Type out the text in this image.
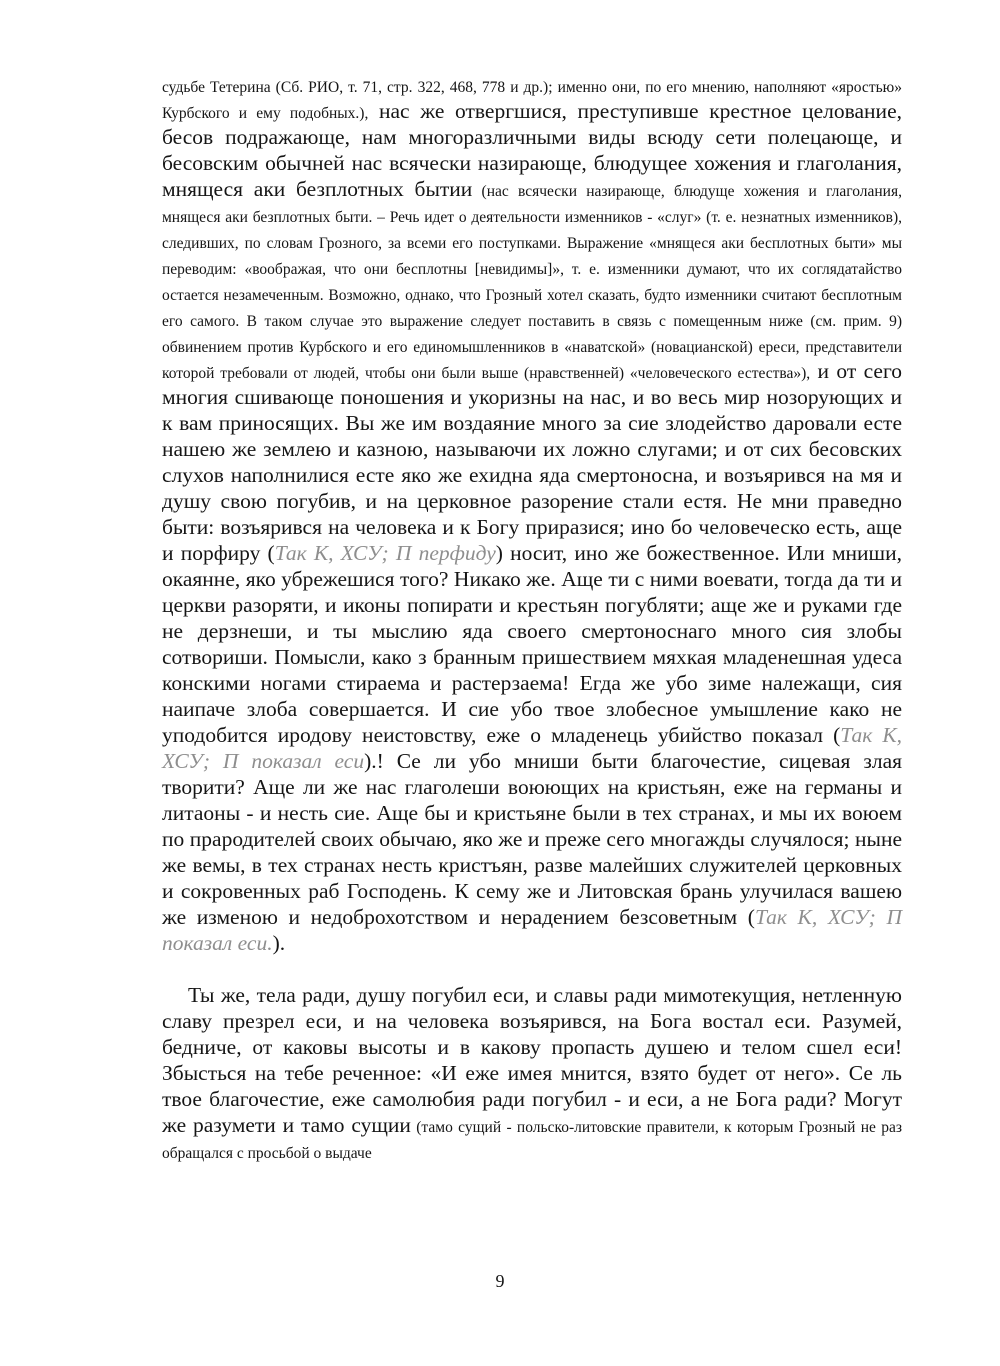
судьбе Тетерина (Сб. РИО, т. 71, стр. 322, 468, 778 и др.); именно они, по его мнению, наполняют «яростью» Курбского и ему подобных.), нас же отвергшися, преступивше крестное целование, бесов подражающе, нам многоразличными виды всюду сети полецающе, и бесовским обычней нас всячески назирающе, блюдущее хожения и глаголания, мнящеся аки безплотных бытии (нас всячески назирающе, блюдуще хожения и глаголания, мнящеся аки безплотных быти. – Речь идет о деятельности изменников - «слуг» (т. е. незнатных изменников), следивших, по словам Грозного, за всеми его поступками. Выражение «мнящеся аки бесплотных быти» мы переводим: «воображая, что они бесплотны [невидимы]», т. е. изменники думают, что их соглядатайство остается незамеченным. Возможно, однако, что Грозный хотел сказать, будто изменники считают бесплотным его самого. В таком случае это выражение следует поставить в связь с помещенным ниже (см. прим. 9) обвинением против Курбского и его единомышленников в «наватской» (новацианской) ереси, представители которой требовали от людей, чтобы они были выше (нравственней) «человеческого естества»), и от сего многия сшивающе поношения и укоризны на нас, и во весь мир нозорующих и к вам приносящих. Вы же им воздаяние много за сие злодейство даровали есте нашею же землею и казною, называючи их ложно слугами; и от сих бесовских слухов наполнилися есте яко же ехидна яда смертоносна, и возъярився на мя и душу свою погубив, и на церковное разорение стали естя. Не мни праведно быти: возъярився на человека и к Богу приразися; ино бо человеческо есть, аще и порфиру (Так К, ХСУ; П перфиду) носит, ино же божественное. Или мниши, окаянне, яко убрежешися того? Никако же. Аще ти с ними воевати, тогда да ти и церкви разоряти, и иконы попирати и крестьян погубляти; аще же и руками где не дерзнеши, и ты мыслию яда своего смертоноснаго много сия злобы сотвориши. Помысли, како з бранным пришествием мяхкая младенешная удеса конскими ногами стираема и растерзаема! Егда же убо зиме належащи, сия наипаче злоба совершается. И сие убо твое злобесное умышление како не уподобится иродову неистовству, еже о младенець убийство показал (Так К, ХСУ; П показал еси).! Се ли убо мниши быти благочестие, сицевая злая творити? Аще ли же нас глаголеши воюющих на кристьян, еже на германы и литаоны - и несть сие. Аще бы и кристьяне были в тех странах, и мы их воюем по прародителей своих обычаю, яко же и преже сего многажды случялося; ныне же вемы, в тех странах несть кристъян, разве малейших служителей церковных и сокровенных раб Господень. К сему же и Литовская брань улучилася вашею же изменою и недоброхотством и нерадением безсоветным (Так К, ХСУ; П показал еси.).

Ты же, тела ради, душу погубил еси, и славы ради мимотекущия, нетленную славу презрел еси, и на человека возъярився, на Бога востал еси. Разумей, бедниче, от каковы высоты и в какову пропасть душею и телом сшел еси! Збысться на тебе реченное: «И еже имея мнится, взято будет от него». Се ль твое благочестие, еже самолюбия ради погубил - и еси, а не Бога ради? Могут же разумети и тамо сущии (тамо сущий - польско-литовские правители, к которым Грозный не раз обращался с просьбой о выдаче

9
